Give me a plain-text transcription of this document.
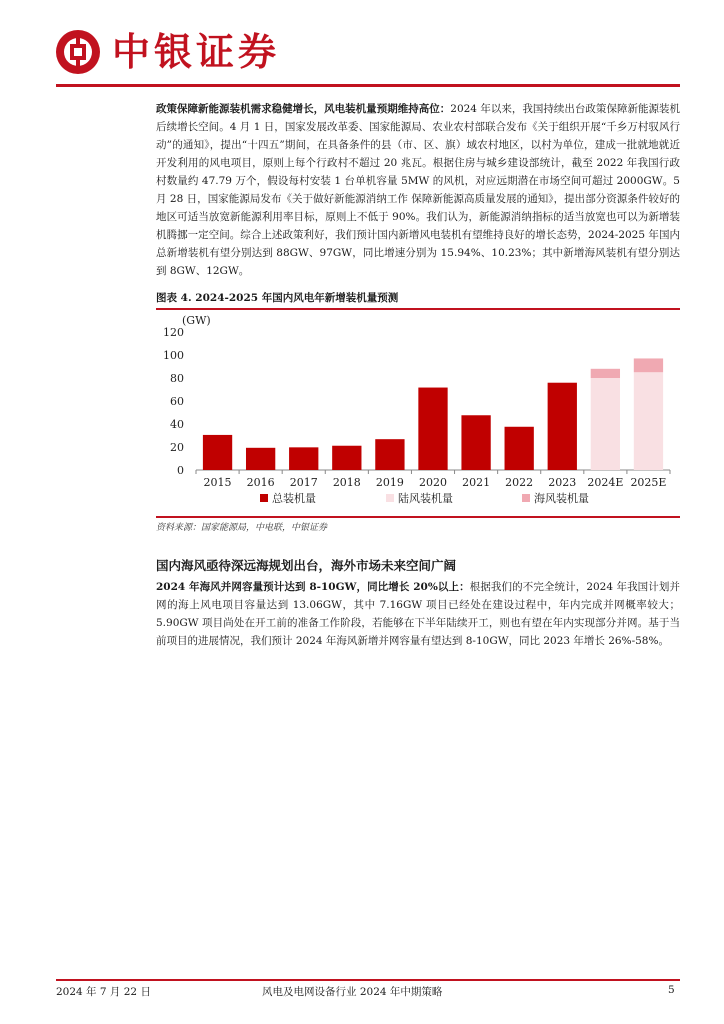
中银证券

政策保障新能源装机需求稳健增长，风电装机量预期维持高位：2024 年以来，我国持续出台政策保障新能源装机后续增长空间。4 月 1 日，国家发展改革委、国家能源局、农业农村部联合发布《关于组织开展“千乡万村驭风行动”的通知》，提出“十四五”期间，在具备条件的县（市、区、旗）域农村地区，以村为单位，建成一批就地就近开发利用的风电项目，原则上每个行政村不超过 20 兆瓦。根据住房与城乡建设部统计，截至 2022 年我国行政村数量约 47.79 万个，假设每村安装 1 台单机容量 5MW 的风机，对应远期潜在市场空间可超过 2000GW。5 月 28 日，国家能源局发布《关于做好新能源消纳工作 保障新能源高质量发展的通知》，提出部分资源条件较好的地区可适当放宽新能源利用率目标，原则上不低于 90%。我们认为，新能源消纳指标的适当放宽也可以为新增装机腾挪一定空间。综合上述政策利好，我们预计国内新增风电装机有望维持良好的增长态势，2024-2025 年国内总新增装机有望分别达到 88GW、97GW，同比增速分别为 15.94%、10.23%；其中新增海风装机有望分别达到 8GW、12GW。

图表 4. 2024-2025 年国内风电年新增装机量预测
(GW)
0
20
40
60
80
100
120
2015 2016 2017 2018 2019 2020 2021 2022 2023 2024E 2025E
总装机量	陆风装机量	海风装机量
资料来源：国家能源局，中电联，中银证券
国内海风亟待深远海规划出台，海外市场未来空间广阔

2024 年海风并网容量预计达到 8-10GW，同比增长 20%以上：根据我们的不完全统计，2024 年我国计划并网的海上风电项目容量达到 13.06GW，其中 7.16GW 项目已经处在建设过程中，年内完成并网概率较大；5.90GW 项目尚处在开工前的准备工作阶段，若能够在下半年陆续开工，则也有望在年内实现部分并网。基于当前项目的进展情况，我们预计 2024 年海风新增并网容量有望达到 8-10GW，同比 2023 年增长 26%-58%。

2024 年 7 月 22 日	风电及电网设备行业 2024 年中期策略	5
